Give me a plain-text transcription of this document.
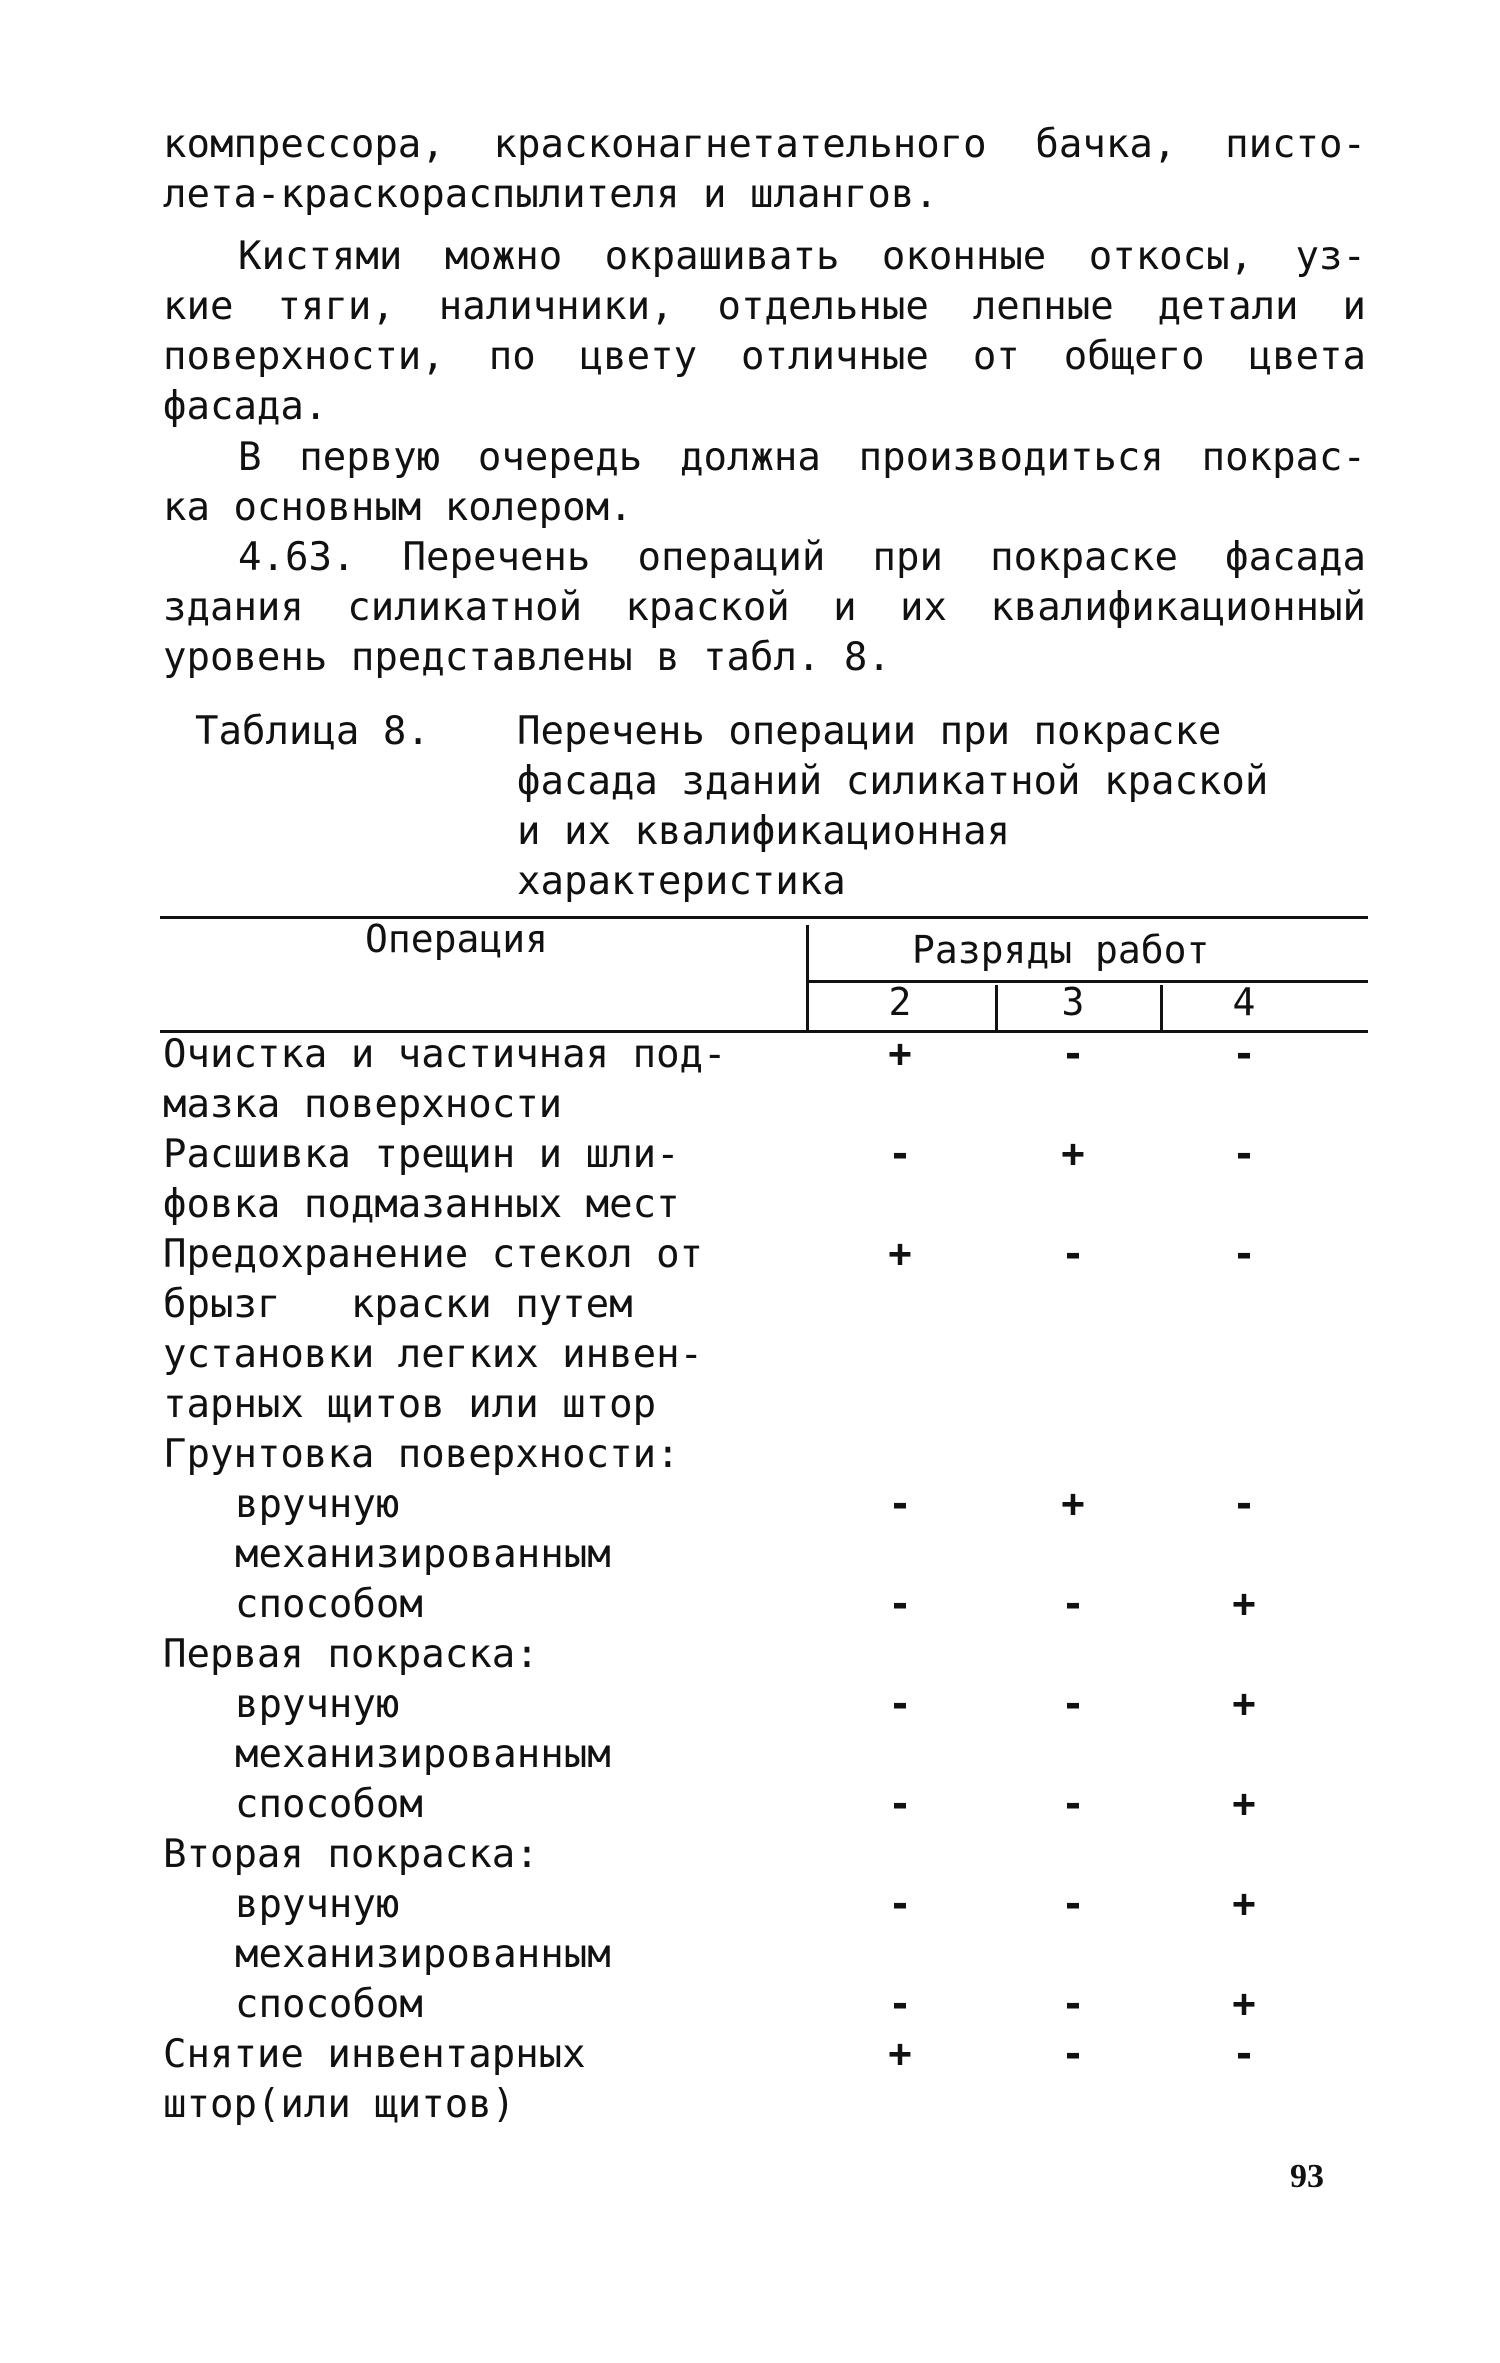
компрессора, красконагнетательного бачка, писто-
лета-краскораспылителя и шлангов.
Кистями можно окрашивать оконные откосы, уз-
кие тяги, наличники, отдельные лепные детали и
поверхности, по цвету отличные от общего цвета
фасада.
В первую очередь должна производиться покрас-
ка основным колером.
4.63. Перечень операций при покраске фасада
здания силикатной краской и их квалификационный
уровень представлены в табл. 8.
Таблица 8. Перечень операции при покраске
фасада зданий силикатной краской
и их квалификационная
характеристика
Операция	Разряды работ
2	3	4
Очистка и частичная под-
мазка поверхности
+	-	-
Расшивка трещин и шли-
фовка подмазанных мест
-	+	-
Предохранение стекол от
брызг   краски путем
установки легких инвен-
тарных щитов или штор
+	-	-
Грунтовка поверхности:
вручную	-	+	-
механизированным
способом	-	-	+
Первая покраска:
вручную	-	-	+
механизированным
способом	-	-	+
Вторая покраска:
вручную	-	-	+
механизированным
способом	-	-	+
Снятие инвентарных
штор(или щитов)
+	-	-
93
